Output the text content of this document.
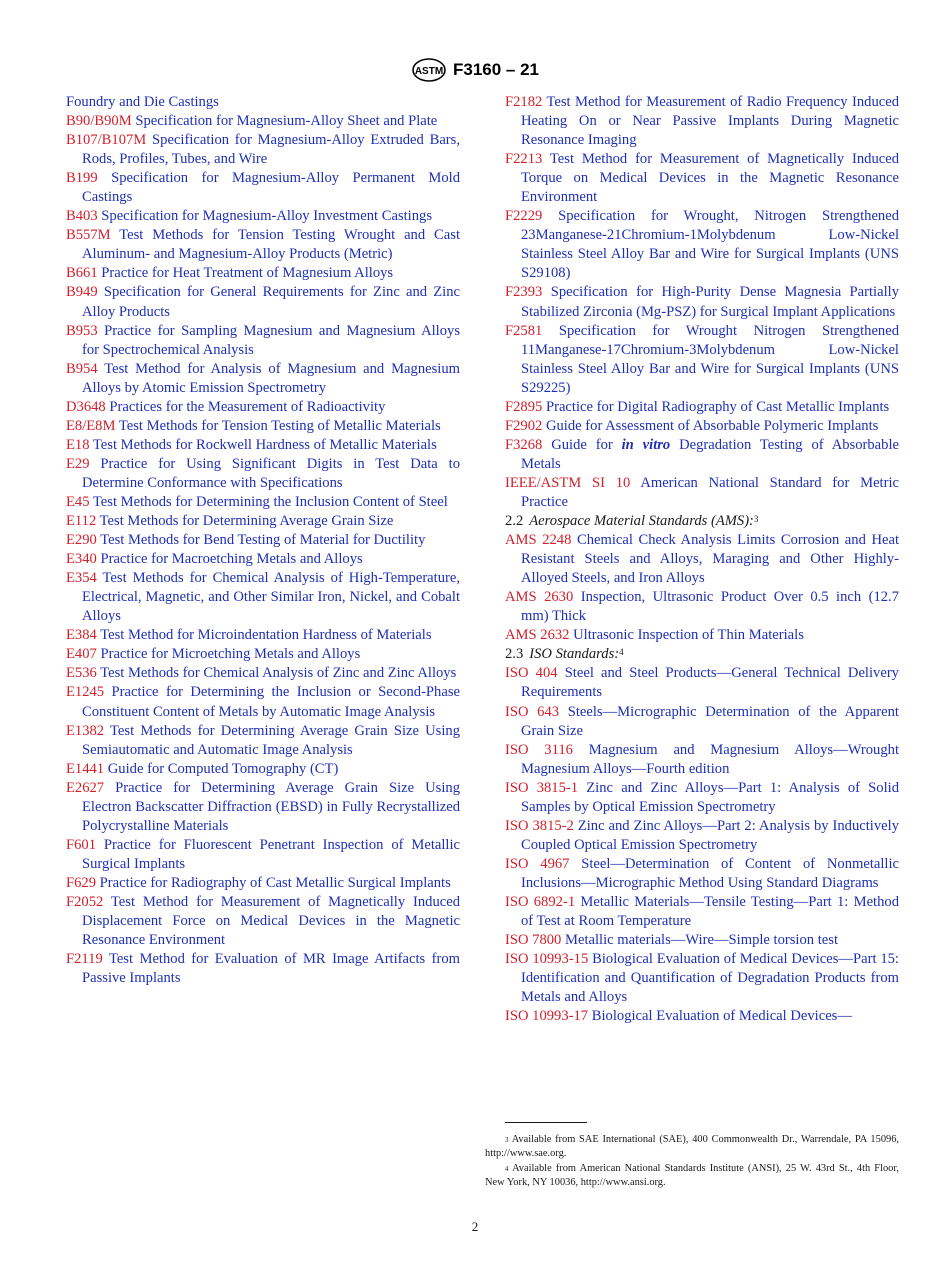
ASTM F3160 – 21
Foundry and Die Castings
B90/B90M Specification for Magnesium-Alloy Sheet and Plate
B107/B107M Specification for Magnesium-Alloy Extruded Bars, Rods, Profiles, Tubes, and Wire
B199 Specification for Magnesium-Alloy Permanent Mold Castings
B403 Specification for Magnesium-Alloy Investment Castings
B557M Test Methods for Tension Testing Wrought and Cast Aluminum- and Magnesium-Alloy Products (Metric)
B661 Practice for Heat Treatment of Magnesium Alloys
B949 Specification for General Requirements for Zinc and Zinc Alloy Products
B953 Practice for Sampling Magnesium and Magnesium Alloys for Spectrochemical Analysis
B954 Test Method for Analysis of Magnesium and Magnesium Alloys by Atomic Emission Spectrometry
D3648 Practices for the Measurement of Radioactivity
E8/E8M Test Methods for Tension Testing of Metallic Materials
E18 Test Methods for Rockwell Hardness of Metallic Materials
E29 Practice for Using Significant Digits in Test Data to Determine Conformance with Specifications
E45 Test Methods for Determining the Inclusion Content of Steel
E112 Test Methods for Determining Average Grain Size
E290 Test Methods for Bend Testing of Material for Ductility
E340 Practice for Macroetching Metals and Alloys
E354 Test Methods for Chemical Analysis of High-Temperature, Electrical, Magnetic, and Other Similar Iron, Nickel, and Cobalt Alloys
E384 Test Method for Microindentation Hardness of Materials
E407 Practice for Microetching Metals and Alloys
E536 Test Methods for Chemical Analysis of Zinc and Zinc Alloys
E1245 Practice for Determining the Inclusion or Second-Phase Constituent Content of Metals by Automatic Image Analysis
E1382 Test Methods for Determining Average Grain Size Using Semiautomatic and Automatic Image Analysis
E1441 Guide for Computed Tomography (CT)
E2627 Practice for Determining Average Grain Size Using Electron Backscatter Diffraction (EBSD) in Fully Recrystallized Polycrystalline Materials
F601 Practice for Fluorescent Penetrant Inspection of Metallic Surgical Implants
F629 Practice for Radiography of Cast Metallic Surgical Implants
F2052 Test Method for Measurement of Magnetically Induced Displacement Force on Medical Devices in the Magnetic Resonance Environment
F2119 Test Method for Evaluation of MR Image Artifacts from Passive Implants
F2182 Test Method for Measurement of Radio Frequency Induced Heating On or Near Passive Implants During Magnetic Resonance Imaging
F2213 Test Method for Measurement of Magnetically Induced Torque on Medical Devices in the Magnetic Resonance Environment
F2229 Specification for Wrought, Nitrogen Strengthened 23Manganese-21Chromium-1Molybdenum Low-Nickel Stainless Steel Alloy Bar and Wire for Surgical Implants (UNS S29108)
F2393 Specification for High-Purity Dense Magnesia Partially Stabilized Zirconia (Mg-PSZ) for Surgical Implant Applications
F2581 Specification for Wrought Nitrogen Strengthened 11Manganese-17Chromium-3Molybdenum Low-Nickel Stainless Steel Alloy Bar and Wire for Surgical Implants (UNS S29225)
F2895 Practice for Digital Radiography of Cast Metallic Implants
F2902 Guide for Assessment of Absorbable Polymeric Implants
F3268 Guide for in vitro Degradation Testing of Absorbable Metals
IEEE/ASTM SI 10 American National Standard for Metric Practice
2.2 Aerospace Material Standards (AMS):$^3$
AMS 2248 Chemical Check Analysis Limits Corrosion and Heat Resistant Steels and Alloys, Maraging and Other Highly-Alloyed Steels, and Iron Alloys
AMS 2630 Inspection, Ultrasonic Product Over 0.5 inch (12.7 mm) Thick
AMS 2632 Ultrasonic Inspection of Thin Materials
2.3 ISO Standards:$^4$
ISO 404 Steel and Steel Products—General Technical Delivery Requirements
ISO 643 Steels—Micrographic Determination of the Apparent Grain Size
ISO 3116 Magnesium and Magnesium Alloys—Wrought Magnesium Alloys—Fourth edition
ISO 3815-1 Zinc and Zinc Alloys—Part 1: Analysis of Solid Samples by Optical Emission Spectrometry
ISO 3815-2 Zinc and Zinc Alloys—Part 2: Analysis by Inductively Coupled Optical Emission Spectrometry
ISO 4967 Steel—Determination of Content of Nonmetallic Inclusions—Micrographic Method Using Standard Diagrams
ISO 6892-1 Metallic Materials—Tensile Testing—Part 1: Method of Test at Room Temperature
ISO 7800 Metallic materials—Wire—Simple torsion test
ISO 10993-15 Biological Evaluation of Medical Devices—Part 15: Identification and Quantification of Degradation Products from Metals and Alloys
ISO 10993-17 Biological Evaluation of Medical Devices—
$^3$ Available from SAE International (SAE), 400 Commonwealth Dr., Warrendale, PA 15096, http://www.sae.org.
$^4$ Available from American National Standards Institute (ANSI), 25 W. 43rd St., 4th Floor, New York, NY 10036, http://www.ansi.org.
2
